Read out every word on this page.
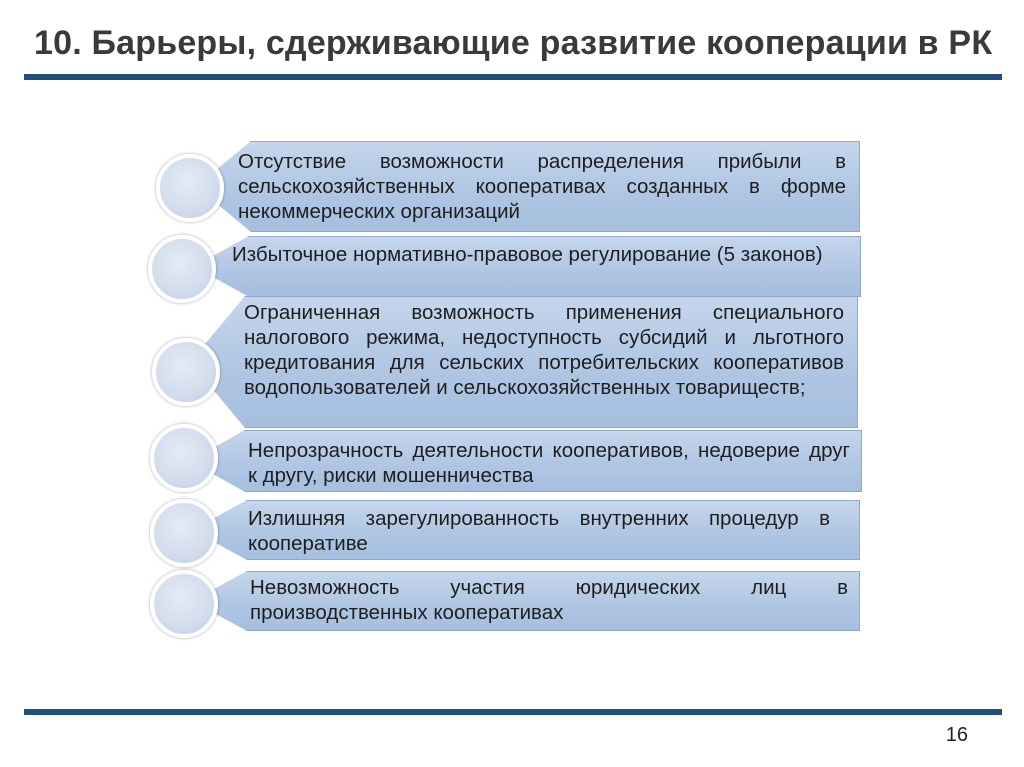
10. Барьеры, сдерживающие развитие кооперации в РК
Отсутствие возможности распределения прибыли в сельскохозяйственных кооперативах созданных в форме некоммерческих организаций
Избыточное нормативно-правовое регулирование (5 законов)
Ограниченная возможность применения специального налогового режима, недоступность субсидий и льготного кредитования для сельских потребительских кооперативов водопользователей и сельскохозяйственных товариществ;
Непрозрачность деятельности кооперативов, недоверие друг к другу, риски мошенничества
Излишняя зарегулированность внутренних процедур в кооперативе
Невозможность участия юридических лиц в производственных кооперативах
16
